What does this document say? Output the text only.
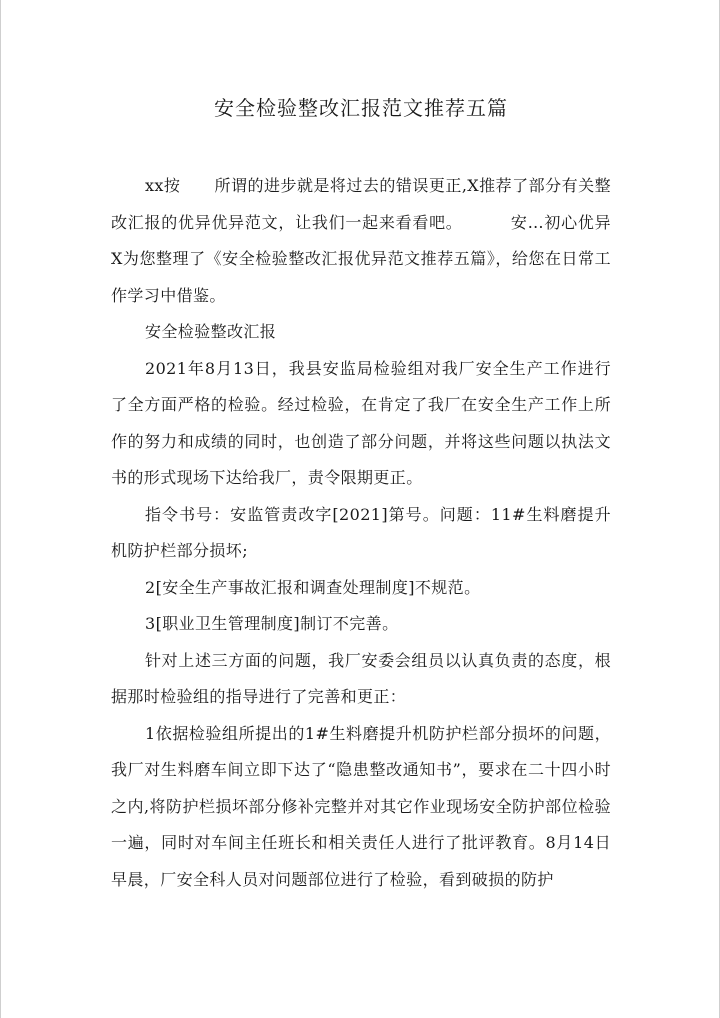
安全检验整改汇报范文推荐五篇

xx按 所谓的进步就是将过去的错误更正,X推荐了部分有关整改汇报的优异优异范文，让我们一起来看看吧。	安…初心优异X为您整理了《安全检验整改汇报优异范文推荐五篇》，给您在日常工作学习中借鉴。

安全检验整改汇报

2021年8月13日，我县安监局检验组对我厂安全生产工作进行了全方面严格的检验。经过检验，在肯定了我厂在安全生产工作上所作的努力和成绩的同时，也创造了部分问题，并将这些问题以执法文书的形式现场下达给我厂，责令限期更正。

指令书号：安监管责改字[2021]第号。问题：11#生料磨提升机防护栏部分损坏;

2[安全生产事故汇报和调查处理制度]不规范。

3[职业卫生管理制度]制订不完善。

针对上述三方面的问题，我厂安委会组员以认真负责的态度，根据那时检验组的指导进行了完善和更正：

1依据检验组所提出的1#生料磨提升机防护栏部分损坏的问题，我厂对生料磨车间立即下达了“隐患整改通知书”，要求在二十四小时之内,将防护栏损坏部分修补完整并对其它作业现场安全防护部位检验一遍，同时对车间主任班长和相关责任人进行了批评教育。8月14日早晨，厂安全科人员对问题部位进行了检验，看到破损的防护
